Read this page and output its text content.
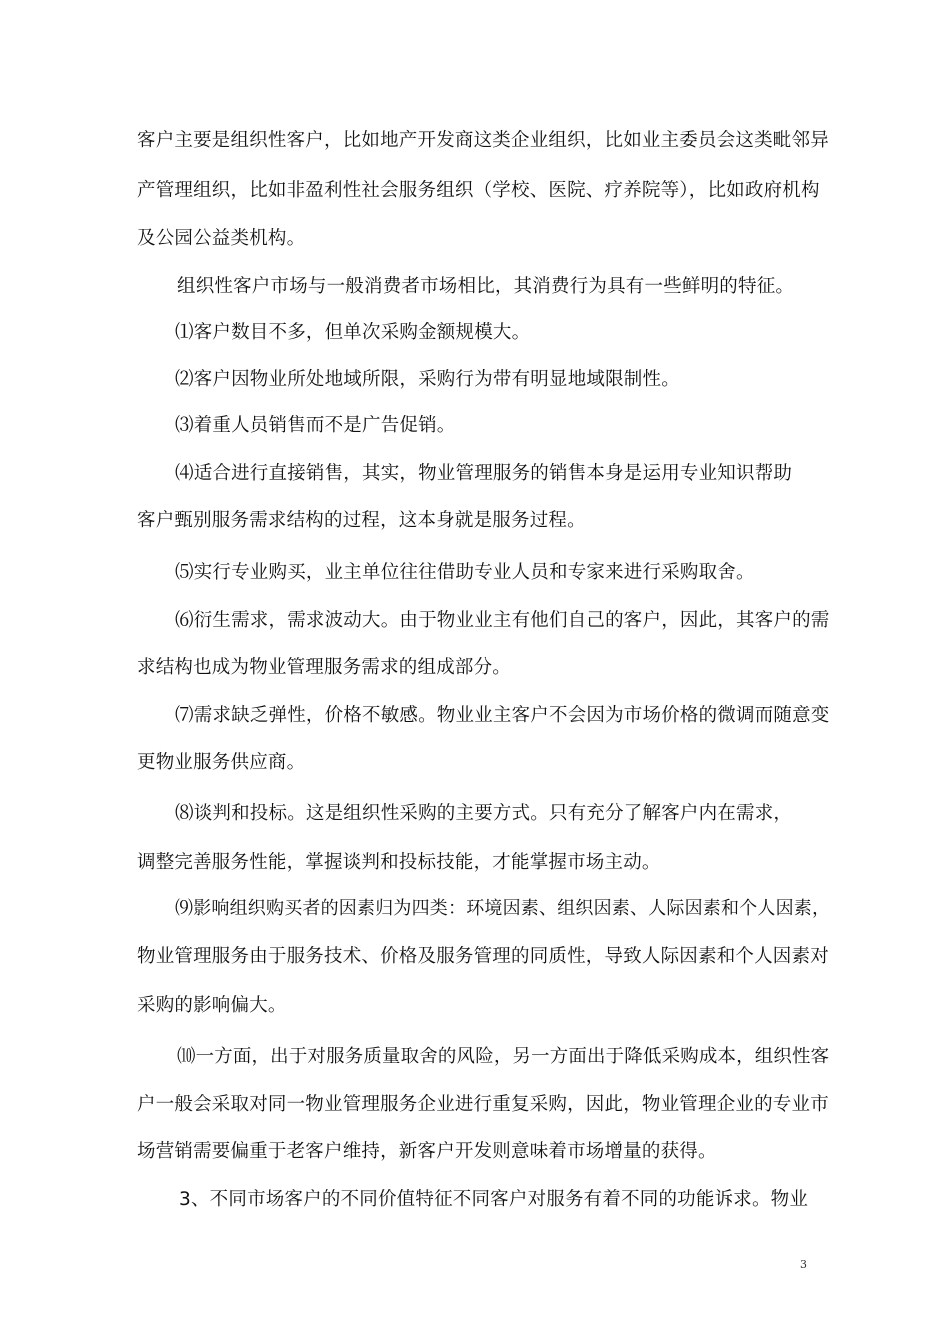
客户主要是组织性客户，比如地产开发商这类企业组织，比如业主委员会这类毗邻异
产管理组织，比如非盈利性社会服务组织（学校、医院、疗养院等），比如政府机构
及公园公益类机构。
组织性客户市场与一般消费者市场相比，其消费行为具有一些鲜明的特征。
⑴客户数目不多，但单次采购金额规模大。
⑵客户因物业所处地域所限，采购行为带有明显地域限制性。
⑶着重人员销售而不是广告促销。
⑷适合进行直接销售，其实，物业管理服务的销售本身是运用专业知识帮助
客户甄别服务需求结构的过程，这本身就是服务过程。
⑸实行专业购买，业主单位往往借助专业人员和专家来进行采购取舍。
⑹衍生需求，需求波动大。由于物业业主有他们自己的客户，因此，其客户的需
求结构也成为物业管理服务需求的组成部分。
⑺需求缺乏弹性，价格不敏感。物业业主客户不会因为市场价格的微调而随意变
更物业服务供应商。
⑻谈判和投标。这是组织性采购的主要方式。只有充分了解客户内在需求，
调整完善服务性能，掌握谈判和投标技能，才能掌握市场主动。
⑼影响组织购买者的因素归为四类：环境因素、组织因素、人际因素和个人因素，
物业管理服务由于服务技术、价格及服务管理的同质性，导致人际因素和个人因素对
采购的影响偏大。
⑽一方面，出于对服务质量取舍的风险，另一方面出于降低采购成本，组织性客
户一般会采取对同一物业管理服务企业进行重复采购，因此，物业管理企业的专业市
场营销需要偏重于老客户维持，新客户开发则意味着市场增量的获得。
3、不同市场客户的不同价值特征不同客户对服务有着不同的功能诉求。物业
3
